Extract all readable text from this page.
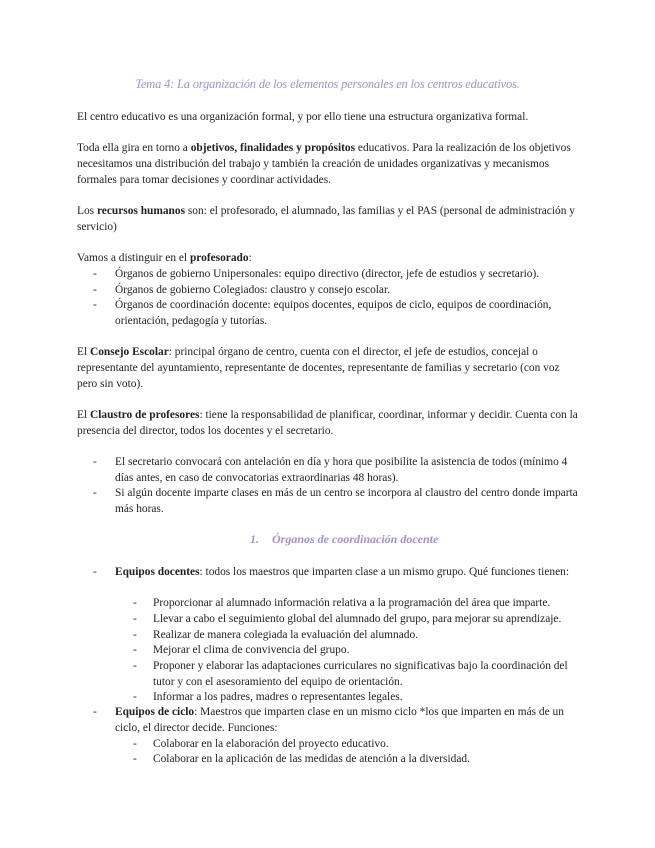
Tema 4: La organización de los elementos personales en los centros educativos.

El centro educativo es una organización formal, y por ello tiene una estructura organizativa formal.

Toda ella gira en torno a objetivos, finalidades y propósitos educativos. Para la realización de los objetivos necesitamos una distribución del trabajo y también la creación de unidades organizativas y mecanismos formales para tomar decisiones y coordinar actividades.

Los recursos humanos son: el profesorado, el alumnado, las familias y el PAS (personal de administración y servicio)

Vamos a distinguir en el profesorado:

- Órganos de gobierno Unipersonales: equipo directivo (director, jefe de estudios y secretario).
- Órganos de gobierno Colegiados: claustro y consejo escolar.
- Órganos de coordinación docente: equipos docentes, equipos de ciclo, equipos de coordinación, orientación, pedagogía y tutorías.

El Consejo Escolar: principal órgano de centro, cuenta con el director, el jefe de estudios, concejal o representante del ayuntamiento, representante de docentes, representante de familias y secretario (con voz pero sin voto).

El Claustro de profesores: tiene la responsabilidad de planificar, coordinar, informar y decidir. Cuenta con la presencia del director, todos los docentes y el secretario.

- El secretario convocará con antelación en día y hora que posibilite la asistencia de todos (mínimo 4 días antes, en caso de convocatorias extraordinarias 48 horas).
- Si algún docente imparte clases en más de un centro se incorpora al claustro del centro donde imparta más horas.

1. Órganos de coordinación docente

- Equipos docentes: todos los maestros que imparten clase a un mismo grupo. Qué funciones tienen:
- Proporcionar al alumnado información relativa a la programación del área que imparte.
- Llevar a cabo el seguimiento global del alumnado del grupo, para mejorar su aprendizaje.
- Realizar de manera colegiada la evaluación del alumnado.
- Mejorar el clima de convivencia del grupo.
- Proponer y elaborar las adaptaciones curriculares no significativas bajo la coordinación del tutor y con el asesoramiento del equipo de orientación.
- Informar a los padres, madres o representantes legales.
- Equipos de ciclo: Maestros que imparten clase en un mismo ciclo *los que imparten en más de un ciclo, el director decide. Funciones:
- Colaborar en la elaboración del proyecto educativo.
- Colaborar en la aplicación de las medidas de atención a la diversidad.
